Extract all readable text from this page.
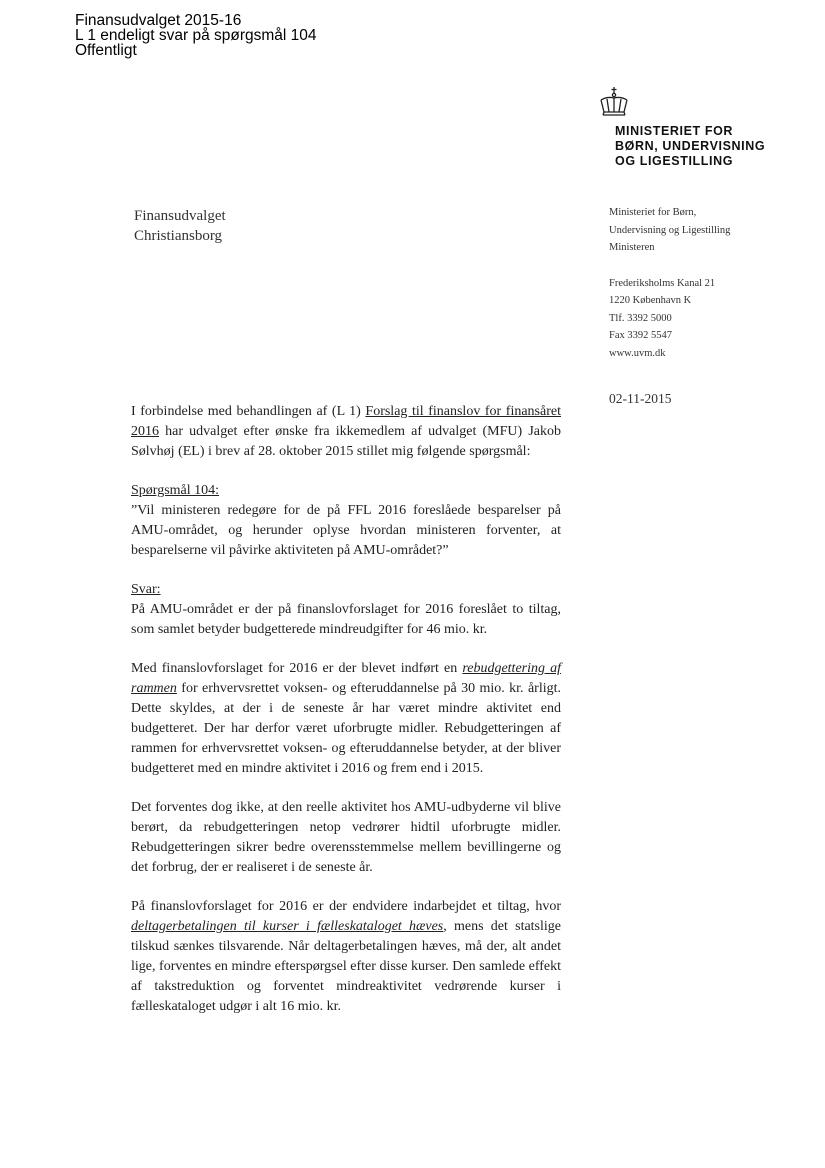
Finansudvalget 2015-16
L 1 endeligt svar på spørgsmål 104
Offentligt
MINISTERIET FOR
BØRN, UNDERVISNING
OG LIGESTILLING
Finansudvalget
Christiansborg
Ministeriet for Børn,
Undervisning og Ligestilling
Ministeren
Frederiksholms Kanal 21
1220 København K
Tlf. 3392 5000
Fax 3392 5547
www.uvm.dk
02-11-2015

I forbindelse med behandlingen af (L 1) Forslag til finanslov for finansåret 2016 har udvalget efter ønske fra ikkemedlem af udvalget (MFU) Jakob Sølvhøj (EL) i brev af 28. oktober 2015 stillet mig følgende spørgsmål:

Spørgsmål 104:
”Vil ministeren redegøre for de på FFL 2016 foreslåede besparelser på AMU-området, og herunder oplyse hvordan ministeren forventer, at besparelserne vil påvirke aktiviteten på AMU-området?”

Svar:
På AMU-området er der på finanslovforslaget for 2016 foreslået to tiltag, som samlet betyder budgetterede mindreudgifter for 46 mio. kr.

Med finanslovforslaget for 2016 er der blevet indført en rebudgettering af rammen for erhvervsrettet voksen- og efteruddannelse på 30 mio. kr. årligt. Dette skyldes, at der i de seneste år har været mindre aktivitet end budgetteret. Der har derfor været uforbrugte midler. Rebudgetteringen af rammen for erhvervsrettet voksen- og efteruddannelse betyder, at der bliver budgetteret med en mindre aktivitet i 2016 og frem end i 2015.

Det forventes dog ikke, at den reelle aktivitet hos AMU-udbyderne vil blive berørt, da rebudgetteringen netop vedrører hidtil uforbrugte midler. Rebudgetteringen sikrer bedre overensstemmelse mellem bevillingerne og det forbrug, der er realiseret i de seneste år.

På finanslovforslaget for 2016 er der endvidere indarbejdet et tiltag, hvor deltagerbetalingen til kurser i fælleskataloget hæves, mens det statslige tilskud sænkes tilsvarende. Når deltagerbetalingen hæves, må der, alt andet lige, forventes en mindre efterspørgsel efter disse kurser. Den samlede effekt af takstreduktion og forventet mindreaktivitet vedrørende kurser i fælleskataloget udgør i alt 16 mio. kr.
